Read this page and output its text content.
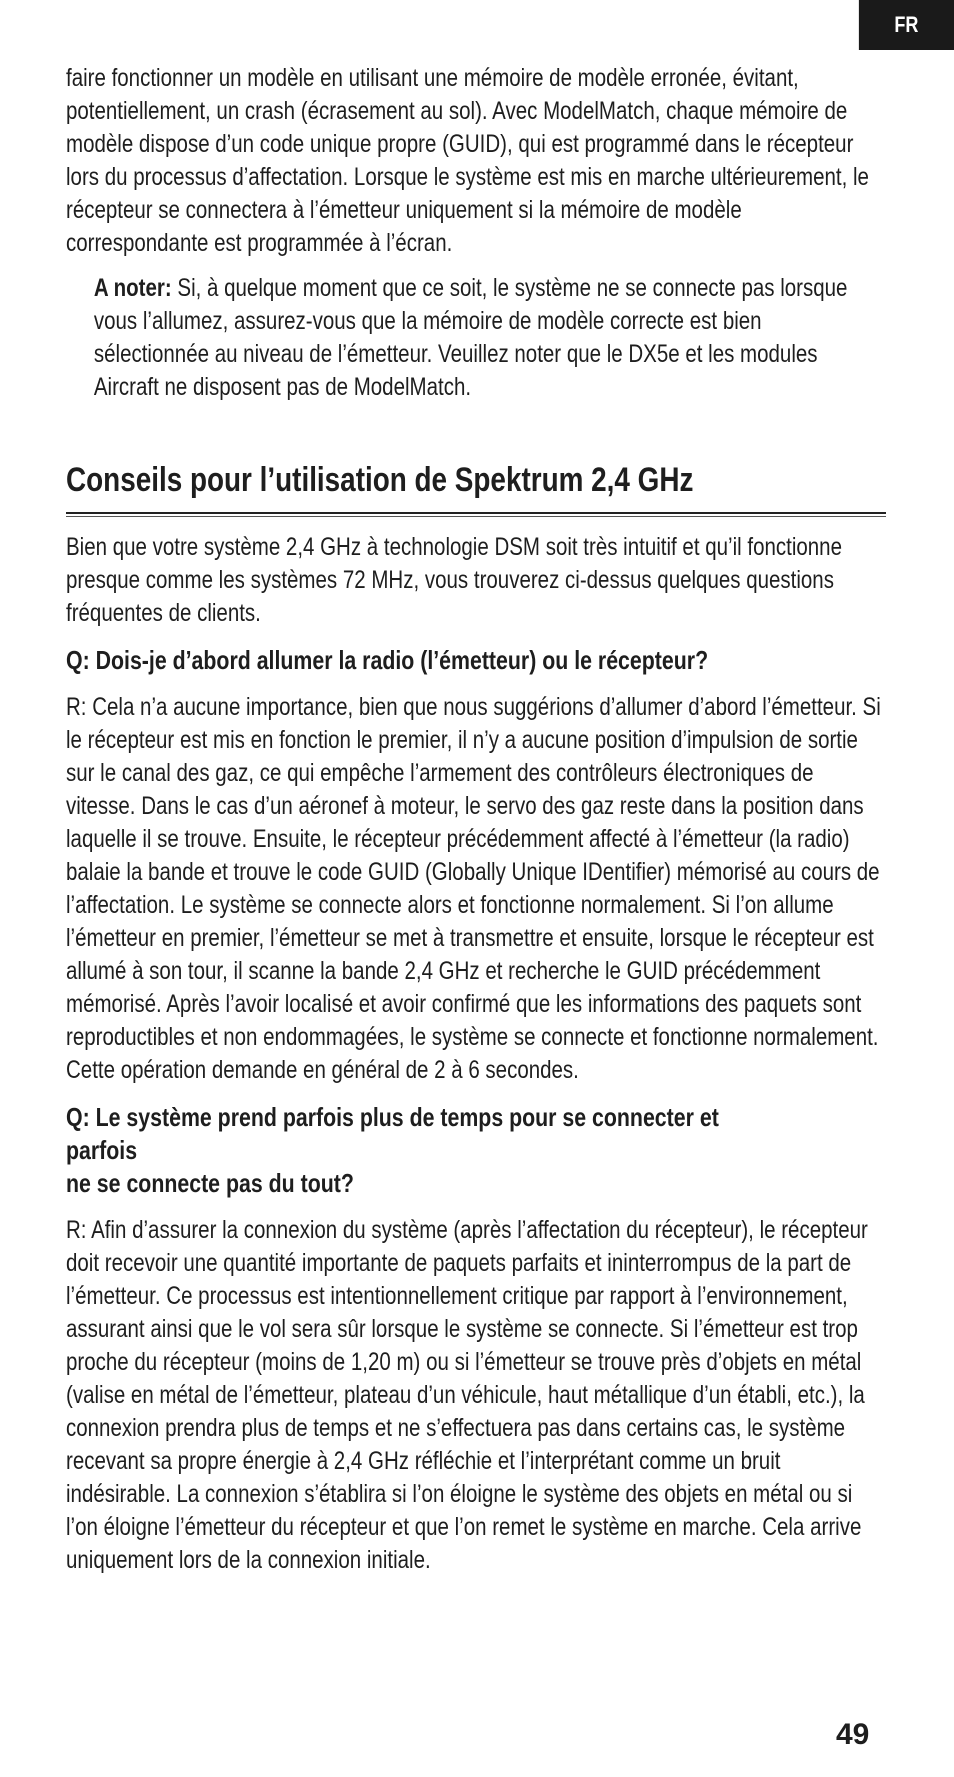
FR

faire fonctionner un modèle en utilisant une mémoire de modèle erronée, évitant, potentiellement, un crash (écrasement au sol). Avec ModelMatch, chaque mémoire de modèle dispose d’un code unique propre (GUID), qui est programmé dans le récepteur lors du processus d’affectation. Lorsque le système est mis en marche ultérieurement, le récepteur se connectera à l’émetteur uniquement si la mémoire de modèle correspondante est programmée à l’écran.

A noter: Si, à quelque moment que ce soit, le système ne se connecte pas lorsque vous l’allumez, assurez-vous que la mémoire de modèle correcte est bien sélectionnée au niveau de l’émetteur. Veuillez noter que le DX5e et les modules Aircraft ne disposent pas de ModelMatch.

Conseils pour l’utilisation de Spektrum 2,4 GHz

Bien que votre système 2,4 GHz à technologie DSM soit très intuitif et qu’il fonctionne presque comme les systèmes 72 MHz, vous trouverez ci-dessus quelques questions fréquentes de clients.

Q: Dois-je d’abord allumer la radio (l’émetteur) ou le récepteur?

R: Cela n’a aucune importance, bien que nous suggérions d’allumer d’abord l’émetteur. Si le récepteur est mis en fonction le premier, il n’y a aucune position d’impulsion de sortie sur le canal des gaz, ce qui empêche l’armement des contrôleurs électroniques de vitesse. Dans le cas d’un aéronef à moteur, le servo des gaz reste dans la position dans laquelle il se trouve. Ensuite, le récepteur précédemment affecté à l’émetteur (la radio) balaie la bande et trouve le code GUID (Globally Unique IDentifier) mémorisé au cours de l’affectation. Le système se connecte alors et fonctionne normalement. Si l’on allume l’émetteur en premier, l’émetteur se met à transmettre et ensuite, lorsque le récepteur est allumé à son tour, il scanne la bande 2,4 GHz et recherche le GUID précédemment mémorisé. Après l’avoir localisé et avoir confirmé que les informations des paquets sont reproductibles et non endommagées, le système se connecte et fonctionne normalement. Cette opération demande en général de 2 à 6 secondes.

Q: Le système prend parfois plus de temps pour se connecter et
parfois
ne se connecte pas du tout?

R: Afin d’assurer la connexion du système (après l’affectation du récepteur), le récepteur doit recevoir une quantité importante de paquets parfaits et ininterrompus de la part de l’émetteur. Ce processus est intentionnellement critique par rapport à l’environnement, assurant ainsi que le vol sera sûr lorsque le système se connecte. Si l’émetteur est trop proche du récepteur (moins de 1,20 m) ou si l’émetteur se trouve près d’objets en métal (valise en métal de l’émetteur, plateau d’un véhicule, haut métallique d’un établi, etc.), la connexion prendra plus de temps et ne s’effectuera pas dans certains cas, le système recevant sa propre énergie à 2,4 GHz réfléchie et l’interprétant comme un bruit indésirable. La connexion s’établira si l’on éloigne le système des objets en métal ou si l’on éloigne l’émetteur du récepteur et que l’on remet le système en marche. Cela arrive uniquement lors de la connexion initiale.

49
